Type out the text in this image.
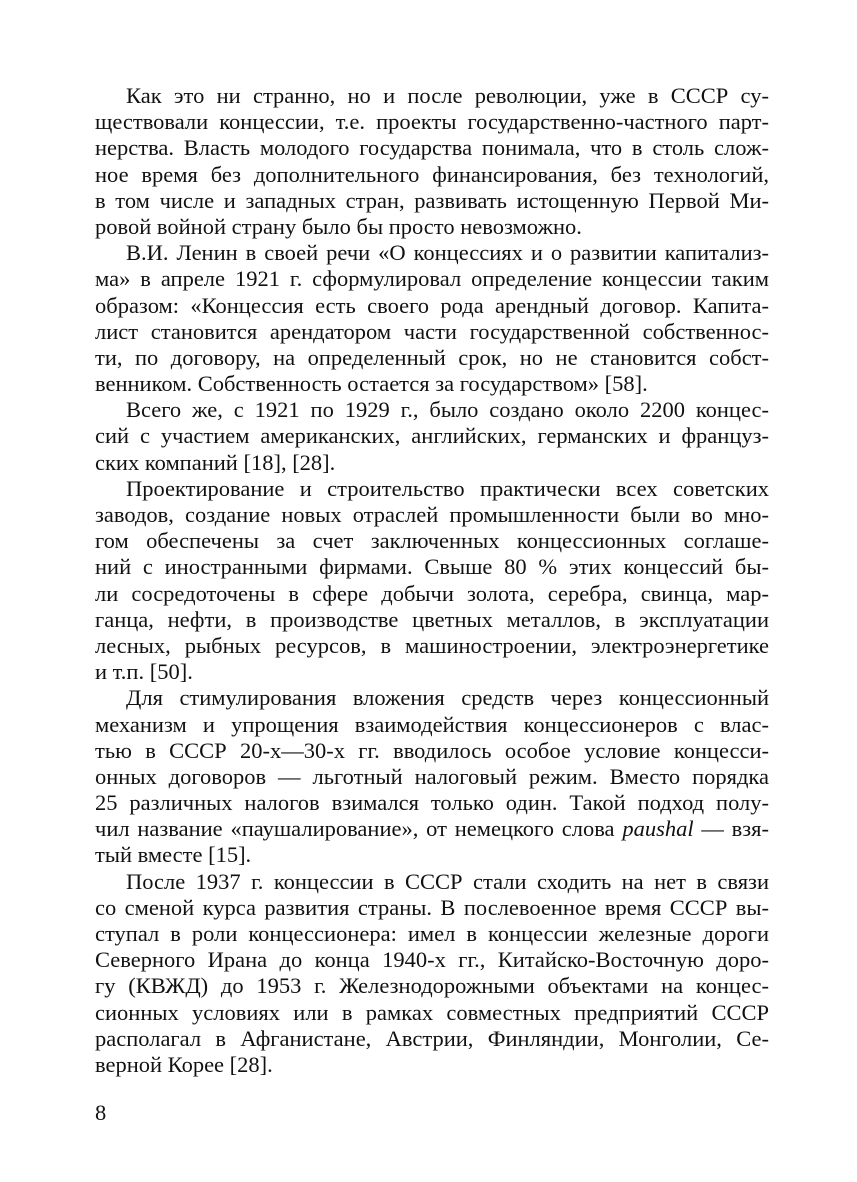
Как это ни странно, но и после революции, уже в СССР су-
ществовали концессии, т.е. проекты государственно-частного парт-
нерства. Власть молодого государства понимала, что в столь слож-
ное время без дополнительного финансирования, без технологий,
в том числе и западных стран, развивать истощенную Первой Ми-
ровой войной страну было бы просто невозможно.
В.И. Ленин в своей речи «О концессиях и о развитии капитализ-
ма» в апреле 1921 г. сформулировал определение концессии таким
образом: «Концессия есть своего рода арендный договор. Капита-
лист становится арендатором части государственной собственнос-
ти, по договору, на определенный срок, но не становится собст-
венником. Собственность остается за государством» [58].
Всего же, с 1921 по 1929 г., было создано около 2200 концес-
сий с участием американских, английских, германских и француз-
ских компаний [18], [28].
Проектирование и строительство практически всех советских
заводов, создание новых отраслей промышленности были во мно-
гом обеспечены за счет заключенных концессионных соглаше-
ний с иностранными фирмами. Свыше 80 % этих концессий бы-
ли сосредоточены в сфере добычи золота, серебра, свинца, мар-
ганца, нефти, в производстве цветных металлов, в эксплуатации
лесных, рыбных ресурсов, в машиностроении, электроэнергетике
и т.п. [50].
Для стимулирования вложения средств через концессионный
механизм и упрощения взаимодействия концессионеров с влас-
тью в СССР 20-х—30-х гг. вводилось особое условие концесси-
онных договоров — льготный налоговый режим. Вместо порядка
25 различных налогов взимался только один. Такой подход полу-
чил название «паушалирование», от немецкого слова paushal — взя-
тый вместе [15].
После 1937 г. концессии в СССР стали сходить на нет в связи
со сменой курса развития страны. В послевоенное время СССР вы-
ступал в роли концессионера: имел в концессии железные дороги
Северного Ирана до конца 1940-х гг., Китайско-Восточную доро-
гу (КВЖД) до 1953 г. Железнодорожными объектами на концес-
сионных условиях или в рамках совместных предприятий СССР
располагал в Афганистане, Австрии, Финляндии, Монголии, Се-
верной Корее [28].
8
